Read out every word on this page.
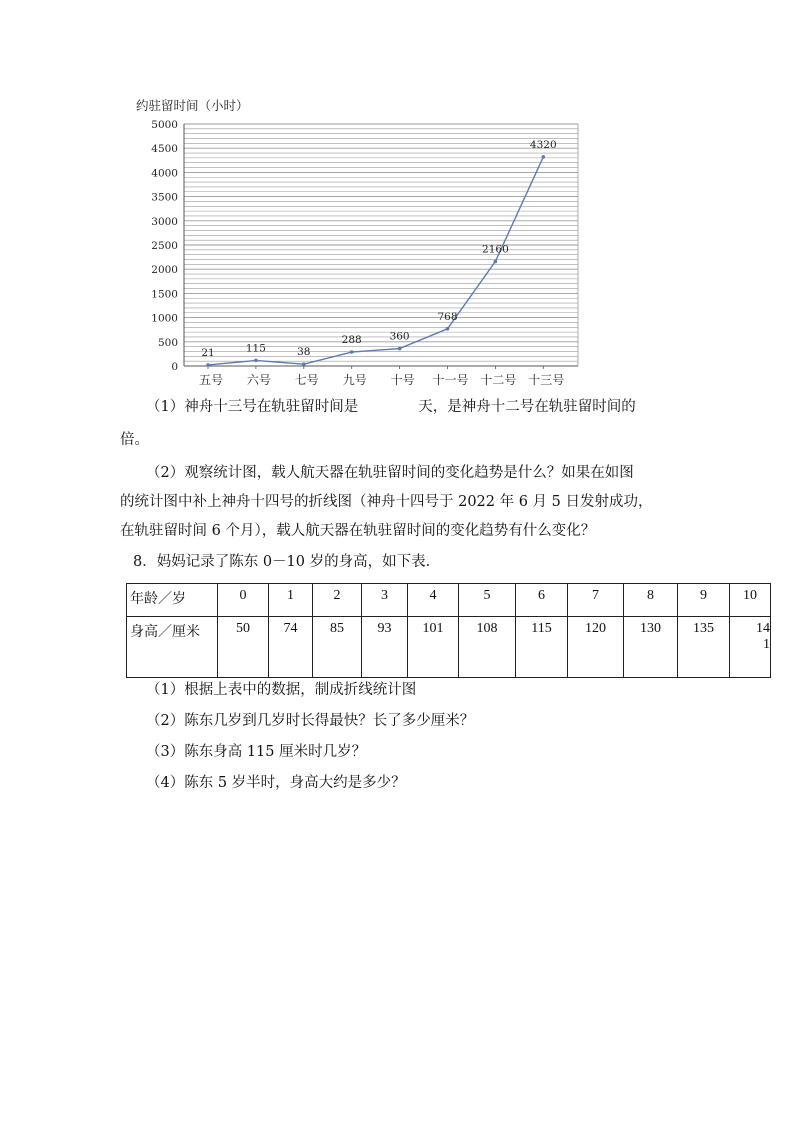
约驻留时间（小时）
0
500
1000
1500
2000
2500
3000
3500
4000
4500
5000
五号 六号 七号 九号 十号 十一号 十二号 十三号
21	115	38
288	360
768
2160
4320

（1）神舟十三号在轨驻留时间是	天，是神舟十二号在轨驻留时间的

倍。

（2）观察统计图，载人航天器在轨驻留时间的变化趋势是什么？如果在如图

的统计图中补上神舟十四号的折线图（神舟十四号于 2022 年 6 月 5 日发射成功，

在轨驻留时间 6 个月），载人航天器在轨驻留时间的变化趋势有什么变化？

8．妈妈记录了陈东 0－10 岁的身高，如下表．

年龄／岁	0	1	2	3	4	5	6	7	8	9	10

身高／厘米	50	74	85	93	101	108	115	120	130	135	141

（1）根据上表中的数据，制成折线统计图

（2）陈东几岁到几岁时长得最快？长了多少厘米？

（3）陈东身高 115 厘米时几岁？

（4）陈东 5 岁半时，身高大约是多少？
